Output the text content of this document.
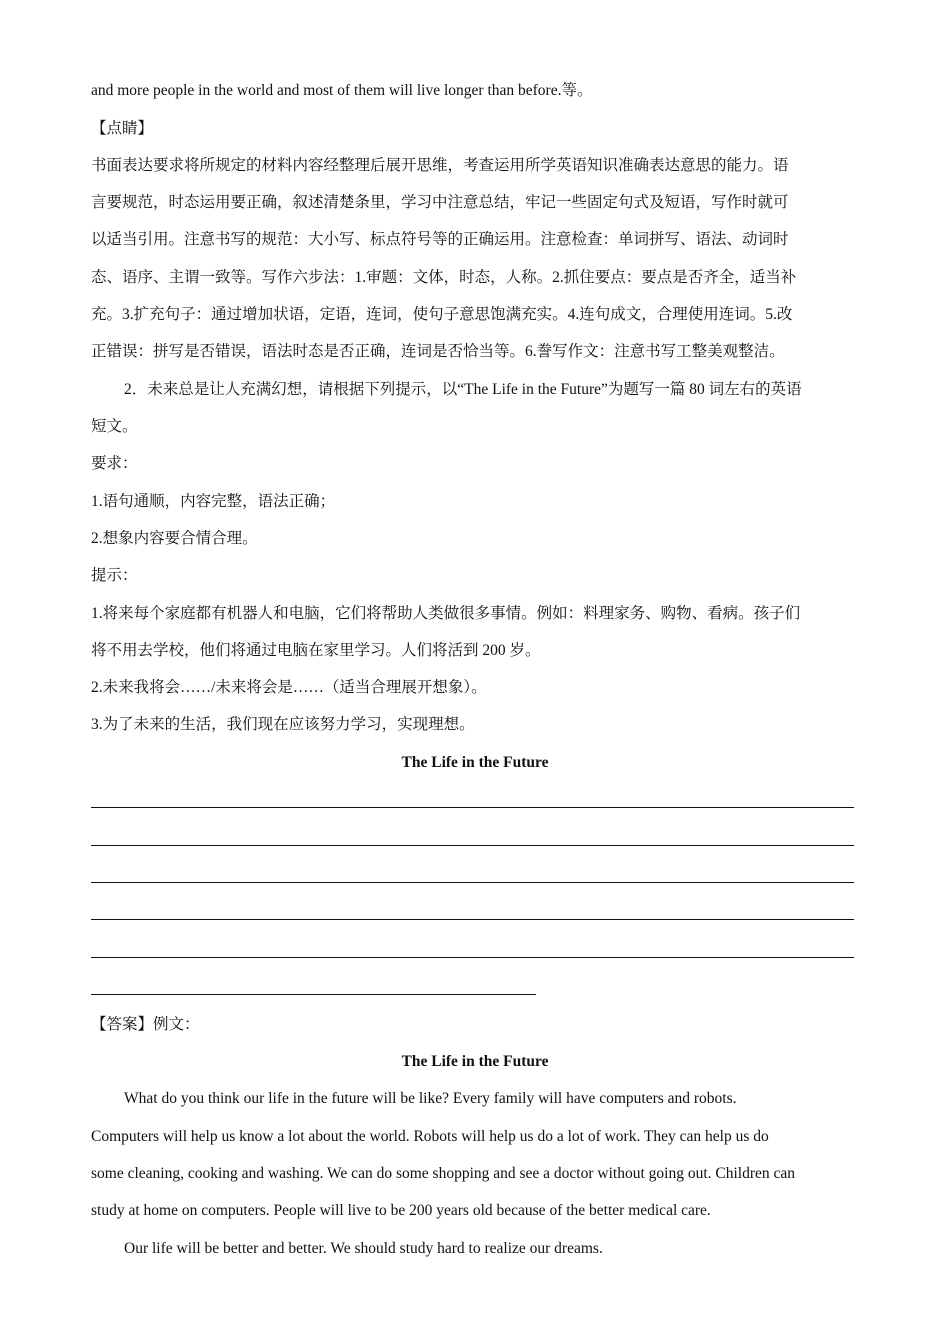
and more people in the world and most of them will live longer than before.等。
【点睛】
书面表达要求将所规定的材料内容经整理后展开思维，考查运用所学英语知识准确表达意思的能力。语
言要规范，时态运用要正确，叙述清楚条里，学习中注意总结，牢记一些固定句式及短语，写作时就可
以适当引用。注意书写的规范：大小写、标点符号等的正确运用。注意检查：单词拼写、语法、动词时
态、语序、主谓一致等。写作六步法：1.审题：文体，时态，人称。2.抓住要点：要点是否齐全，适当补
充。3.扩充句子：通过增加状语，定语，连词，使句子意思饱满充实。4.连句成文，合理使用连词。5.改
正错误：拼写是否错误，语法时态是否正确，连词是否恰当等。6.誊写作文：注意书写工整美观整洁。
2．未来总是让人充满幻想，请根据下列提示，以“The Life in the Future”为题写一篇 80 词左右的英语
短文。
要求：
1.语句通顺，内容完整，语法正确；
2.想象内容要合情合理。
提示：
1.将来每个家庭都有机器人和电脑，它们将帮助人类做很多事情。例如：料理家务、购物、看病。孩子们
将不用去学校，他们将通过电脑在家里学习。人们将活到 200 岁。
2.未来我将会……/未来将会是……（适当合理展开想象）。
3.为了未来的生活，我们现在应该努力学习，实现理想。
The Life in the Future
【答案】例文：
The Life in the Future
What do you think our life in the future will be like? Every family will have computers and robots.
Computers will help us know a lot about the world. Robots will help us do a lot of work. They can help us do
some cleaning, cooking and washing. We can do some shopping and see a doctor without going out. Children can
study at home on computers. People will live to be 200 years old because of the better medical care.
Our life will be better and better. We should study hard to realize our dreams.
